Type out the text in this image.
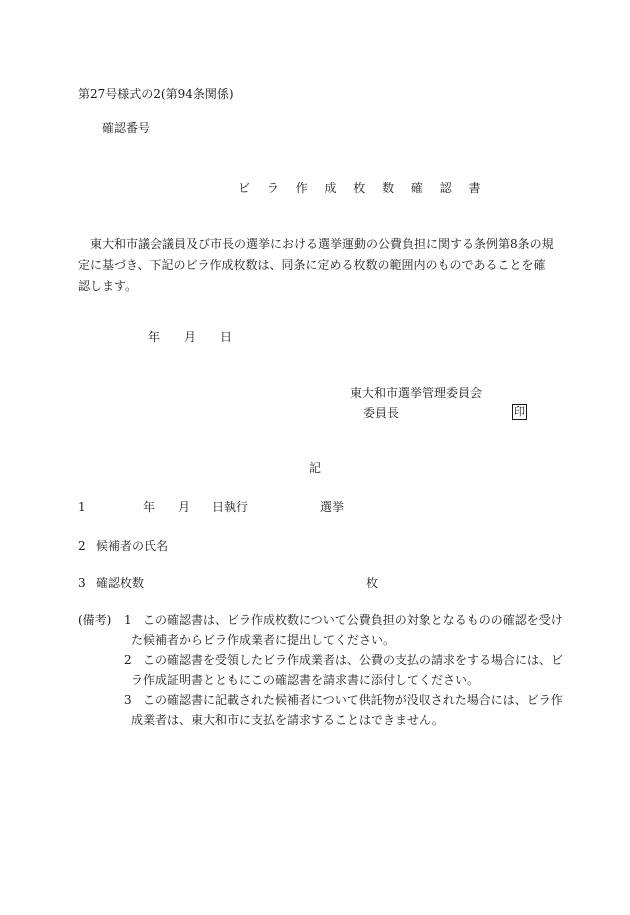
第27号様式の2(第94条関係)
確認番号
ビ ラ 作 成 枚 数 確 認 書
東大和市議会議員及び市長の選挙における選挙運動の公費負担に関する条例第8条の規定に基づき、下記のビラ作成枚数は、同条に定める枚数の範囲内のものであることを確認します。
年 月 日
東大和市選挙管理委員会
委員長	印
記
1	年 月 日執行	選挙
2 候補者の氏名
3 確認枚数	枚
(備考) 1 この確認書は、ビラ作成枚数について公費負担の対象となるものの確認を受け
た候補者からビラ作成業者に提出してください。
2 この確認書を受領したビラ作成業者は、公費の支払の請求をする場合には、ビ
ラ作成証明書とともにこの確認書を請求書に添付してください。
3 この確認書に記載された候補者について供託物が没収された場合には、ビラ作
成業者は、東大和市に支払を請求することはできません。
